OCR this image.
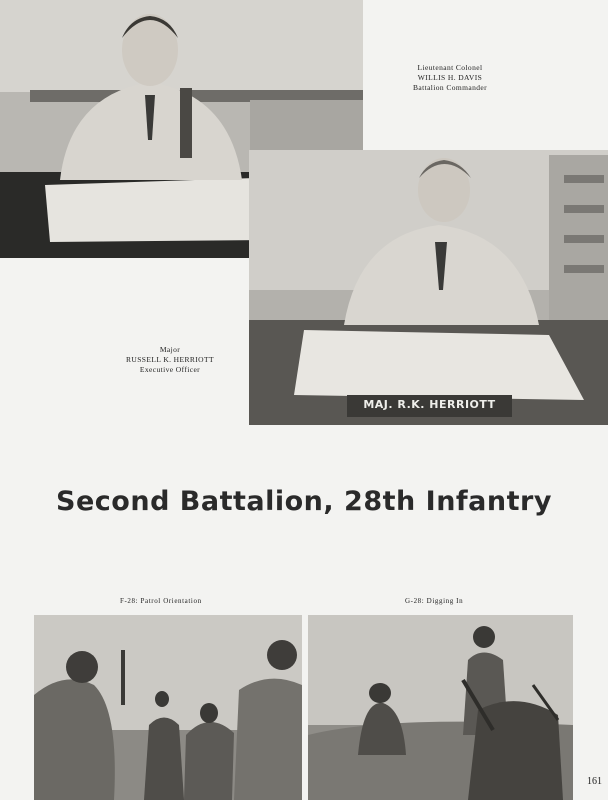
Lieutenant Colonel
WILLIS H. DAVIS
Battalion Commander
MAJ. R.K. HERRIOTT
Major
RUSSELL K. HERRIOTT
Executive Officer
Second Battalion, 28th Infantry
F-28: Patrol Orientation	G-28: Digging In
161
